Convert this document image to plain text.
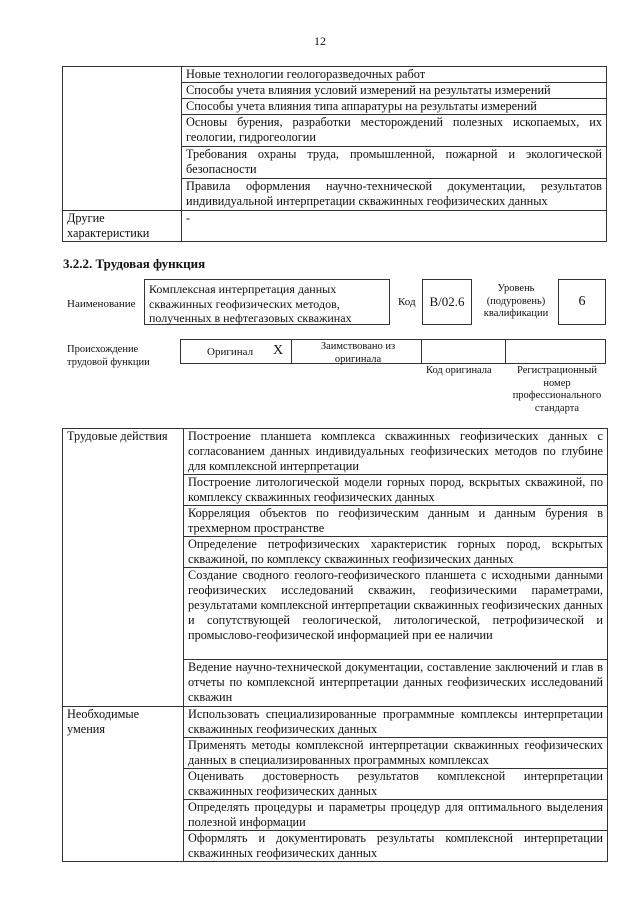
12
	Новые технологии геологоразведочных работ
	Способы учета влияния условий измерений на результаты измерений
	Способы учета влияния типа аппаратуры на результаты измерений
	Основы бурения, разработки месторождений полезных ископаемых, их геологии, гидрогеологии
	Требования охраны труда, промышленной, пожарной и экологической безопасности
	Правила оформления научно-технической документации, результатов индивидуальной интерпретации скважинных геофизических данных
Другие характеристики	-
3.2.2. Трудовая функция
Наименование
Комплексная интерпретация данных скважинных геофизических методов, полученных в нефтегазовых скважинах
Код	B/02.6
Уровень (подуровень) квалификации
6
Происхождение трудовой функции
Оригинал X	Заимствовано из оригинала
Код оригинала	Регистрационный номер профессионального стандарта
Трудовые действия	Построение планшета комплекса скважинных геофизических данных с согласованием данных индивидуальных геофизических методов по глубине для комплексной интерпретации
	Построение литологической модели горных пород, вскрытых скважиной, по комплексу скважинных геофизических данных
	Корреляция объектов по геофизическим данным и данным бурения в трехмерном пространстве
	Определение петрофизических характеристик горных пород, вскрытых скважиной, по комплексу скважинных геофизических данных
	Создание сводного геолого-геофизического планшета с исходными данными геофизических исследований скважин, геофизическими параметрами, результатами комплексной интерпретации скважинных геофизических данных и сопутствующей геологической, литологической, петрофизической и промыслово-геофизической информацией при ее наличии
	Ведение научно-технической документации, составление заключений и глав в отчеты по комплексной интерпретации данных геофизических исследований скважин
Необходимые умения	Использовать специализированные программные комплексы интерпретации скважинных геофизических данных
	Применять методы комплексной интерпретации скважинных геофизических данных в специализированных программных комплексах
	Оценивать достоверность результатов комплексной интерпретации скважинных геофизических данных
	Определять процедуры и параметры процедур для оптимального выделения полезной информации
	Оформлять и документировать результаты комплексной интерпретации скважинных геофизических данных
